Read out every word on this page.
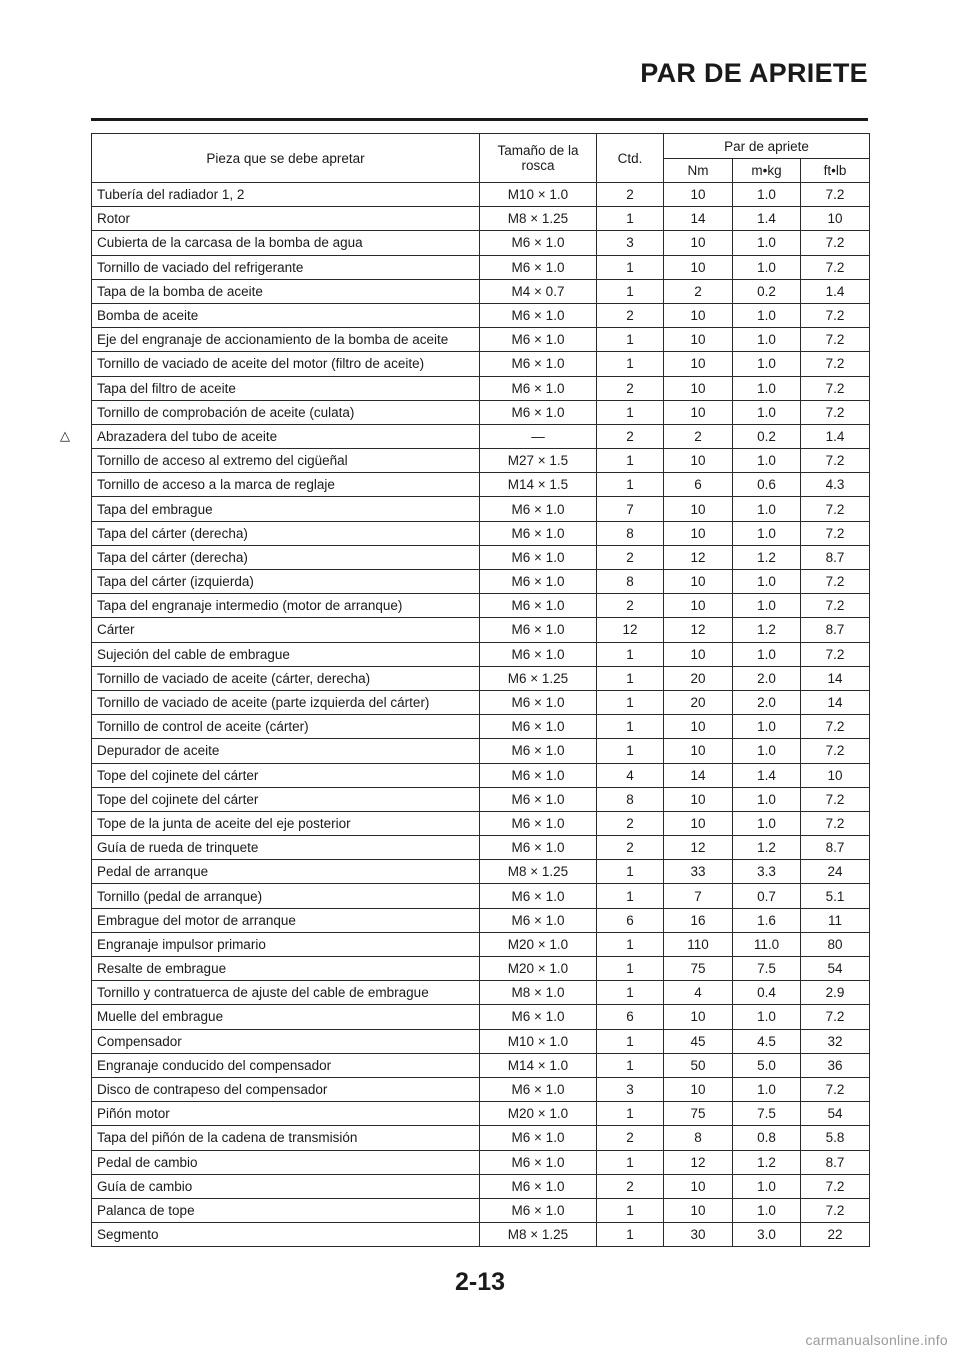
PAR DE APRIETE
Pieza que se debe apretar	Tamaño de la rosca	Ctd.	Par de apriete		
			Nm	m•kg	ft•lb
Tubería del radiador 1, 2	M10 × 1.0	2	10	1.0	7.2
Rotor	M8 × 1.25	1	14	1.4	10
Cubierta de la carcasa de la bomba de agua	M6 × 1.0	3	10	1.0	7.2
Tornillo de vaciado del refrigerante	M6 × 1.0	1	10	1.0	7.2
Tapa de la bomba de aceite	M4 × 0.7	1	2	0.2	1.4
Bomba de aceite	M6 × 1.0	2	10	1.0	7.2
Eje del engranaje de accionamiento de la bomba de aceite	M6 × 1.0	1	10	1.0	7.2
Tornillo de vaciado de aceite del motor (filtro de aceite)	M6 × 1.0	1	10	1.0	7.2
Tapa del filtro de aceite	M6 × 1.0	2	10	1.0	7.2
Tornillo de comprobación de aceite (culata)	M6 × 1.0	1	10	1.0	7.2
Abrazadera del tubo de aceite	—	2	2	0.2	1.4
Tornillo de acceso al extremo del cigüeñal	M27 × 1.5	1	10	1.0	7.2
Tornillo de acceso a la marca de reglaje	M14 × 1.5	1	6	0.6	4.3
Tapa del embrague	M6 × 1.0	7	10	1.0	7.2
Tapa del cárter (derecha)	M6 × 1.0	8	10	1.0	7.2
Tapa del cárter (derecha)	M6 × 1.0	2	12	1.2	8.7
Tapa del cárter (izquierda)	M6 × 1.0	8	10	1.0	7.2
Tapa del engranaje intermedio (motor de arranque)	M6 × 1.0	2	10	1.0	7.2
Cárter	M6 × 1.0	12	12	1.2	8.7
Sujeción del cable de embrague	M6 × 1.0	1	10	1.0	7.2
Tornillo de vaciado de aceite (cárter, derecha)	M6 × 1.25	1	20	2.0	14
Tornillo de vaciado de aceite (parte izquierda del cárter)	M6 × 1.0	1	20	2.0	14
Tornillo de control de aceite (cárter)	M6 × 1.0	1	10	1.0	7.2
Depurador de aceite	M6 × 1.0	1	10	1.0	7.2
Tope del cojinete del cárter	M6 × 1.0	4	14	1.4	10
Tope del cojinete del cárter	M6 × 1.0	8	10	1.0	7.2
Tope de la junta de aceite del eje posterior	M6 × 1.0	2	10	1.0	7.2
Guía de rueda de trinquete	M6 × 1.0	2	12	1.2	8.7
Pedal de arranque	M8 × 1.25	1	33	3.3	24
Tornillo (pedal de arranque)	M6 × 1.0	1	7	0.7	5.1
Embrague del motor de arranque	M6 × 1.0	6	16	1.6	11
Engranaje impulsor primario	M20 × 1.0	1	110	11.0	80
Resalte de embrague	M20 × 1.0	1	75	7.5	54
Tornillo y contratuerca de ajuste del cable de embrague	M8 × 1.0	1	4	0.4	2.9
Muelle del embrague	M6 × 1.0	6	10	1.0	7.2
Compensador	M10 × 1.0	1	45	4.5	32
Engranaje conducido del compensador	M14 × 1.0	1	50	5.0	36
Disco de contrapeso del compensador	M6 × 1.0	3	10	1.0	7.2
Piñón motor	M20 × 1.0	1	75	7.5	54
Tapa del piñón de la cadena de transmisión	M6 × 1.0	2	8	0.8	5.8
Pedal de cambio	M6 × 1.0	1	12	1.2	8.7
Guía de cambio	M6 × 1.0	2	10	1.0	7.2
Palanca de tope	M6 × 1.0	1	10	1.0	7.2
Segmento	M8 × 1.25	1	30	3.0	22
2-13
carmanualsonline.info
△
